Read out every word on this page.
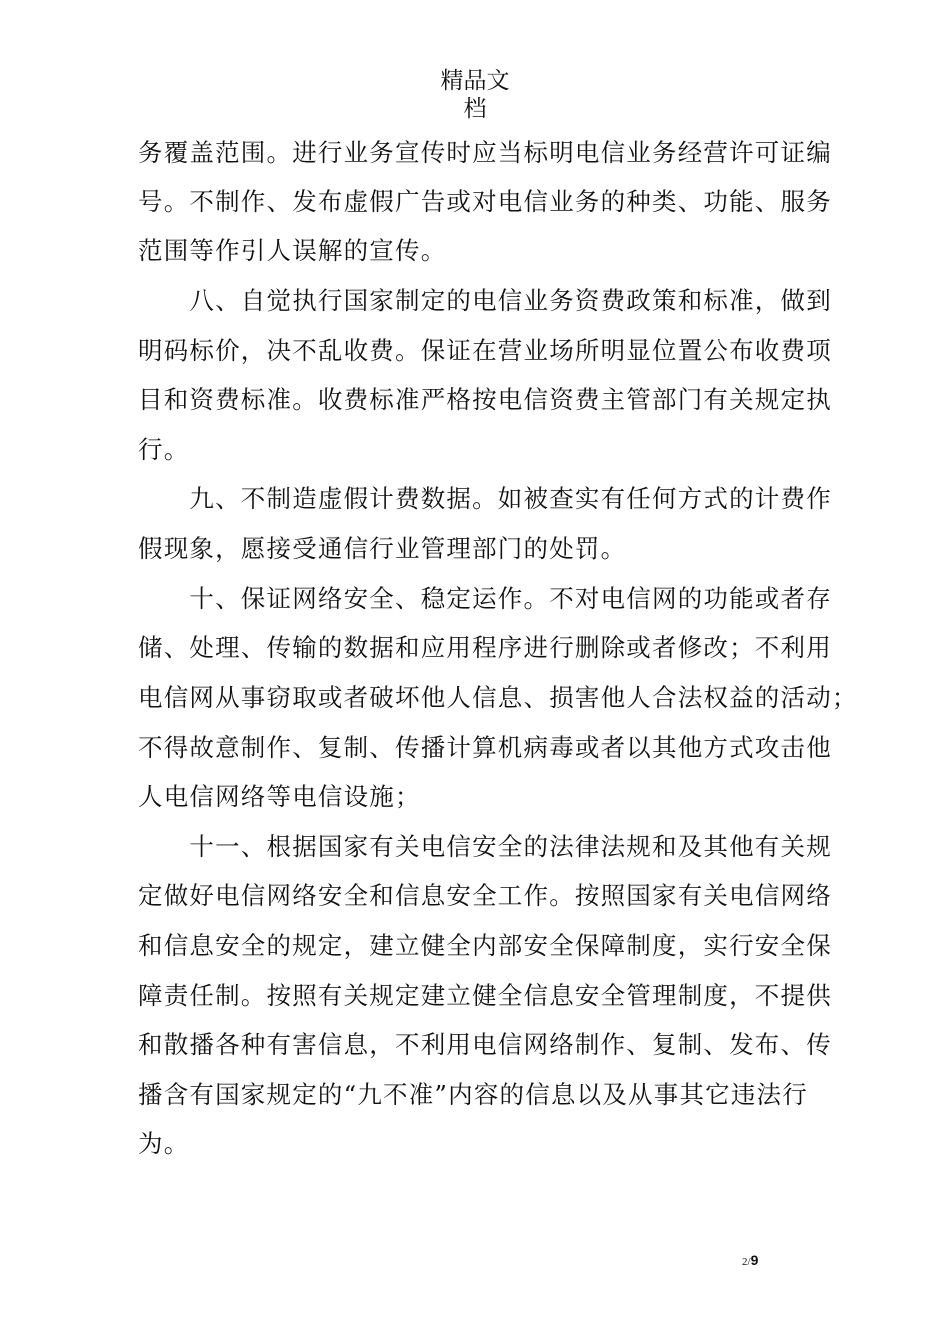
精品文
档
务覆盖范围。进行业务宣传时应当标明电信业务经营许可证编
号。不制作、发布虚假广告或对电信业务的种类、功能、服务
范围等作引人误解的宣传。
　　八、自觉执行国家制定的电信业务资费政策和标准，做到
明码标价，决不乱收费。保证在营业场所明显位置公布收费项
目和资费标准。收费标准严格按电信资费主管部门有关规定执
行。
　　九、不制造虚假计费数据。如被查实有任何方式的计费作
假现象，愿接受通信行业管理部门的处罚。
　　十、保证网络安全、稳定运作。不对电信网的功能或者存
储、处理、传输的数据和应用程序进行删除或者修改；不利用
电信网从事窃取或者破坏他人信息、损害他人合法权益的活动；
不得故意制作、复制、传播计算机病毒或者以其他方式攻击他
人电信网络等电信设施；
　　十一、根据国家有关电信安全的法律法规和及其他有关规
定做好电信网络安全和信息安全工作。按照国家有关电信网络
和信息安全的规定，建立健全内部安全保障制度，实行安全保
障责任制。按照有关规定建立健全信息安全管理制度，不提供
和散播各种有害信息，不利用电信网络制作、复制、发布、传
播含有国家规定的“九不准”内容的信息以及从事其它违法行
为。
2/9
